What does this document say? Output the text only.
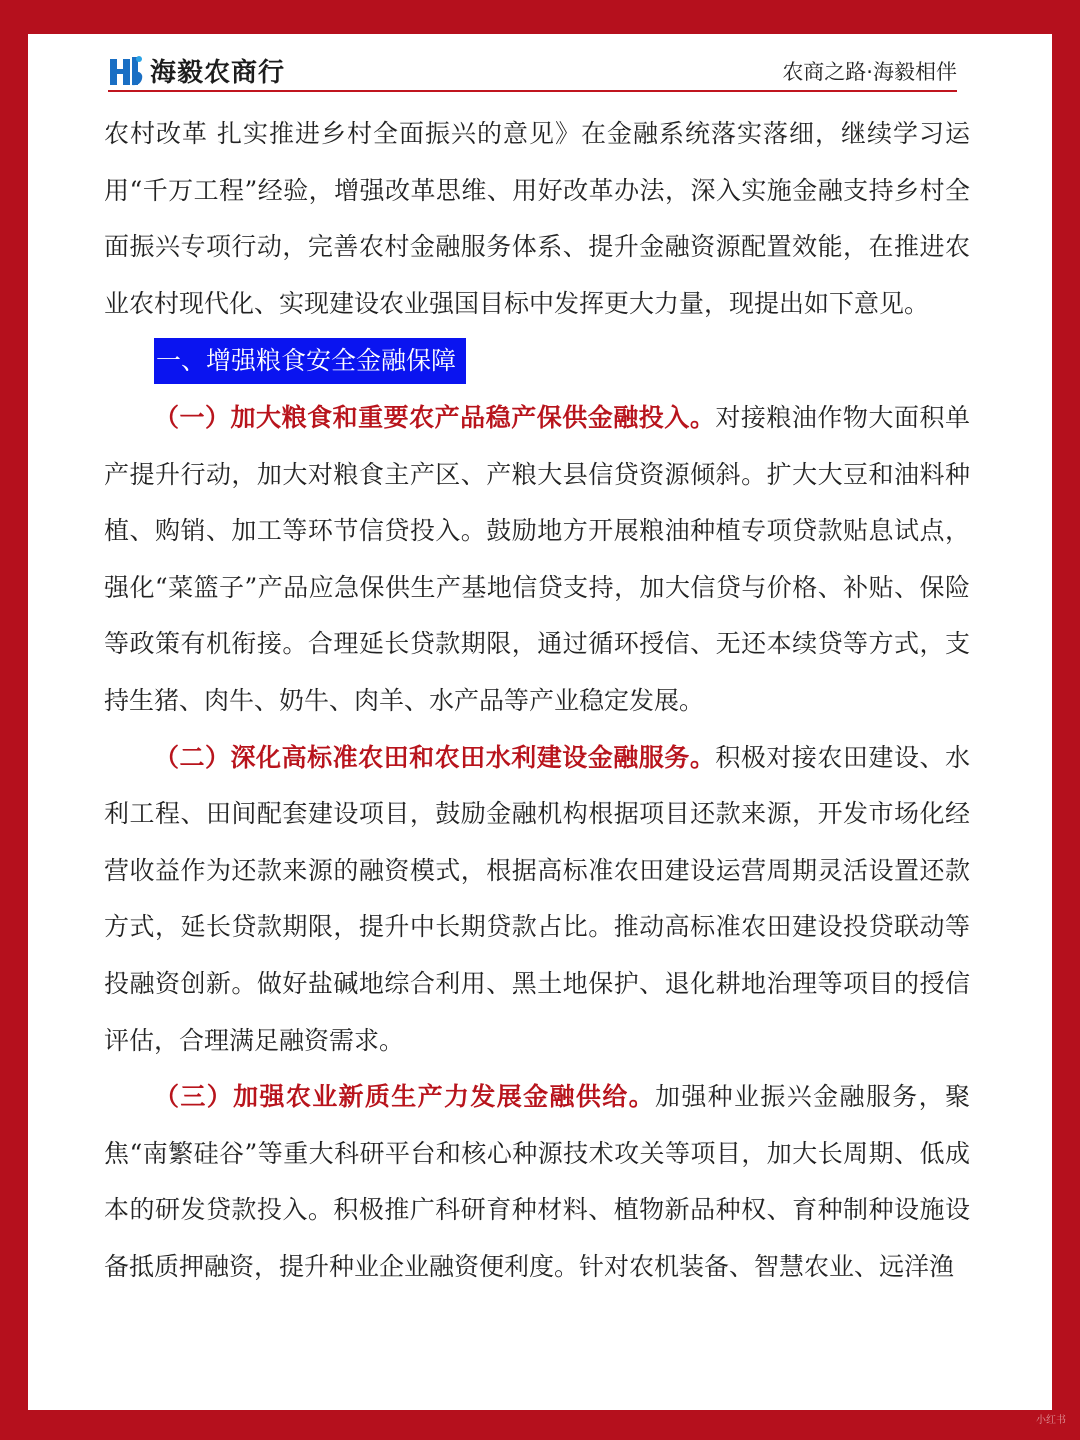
海毅农商行	农商之路·海毅相伴

农村改革 扎实推进乡村全面振兴的意见》在金融系统落实落细，继续学习运用“千万工程”经验，增强改革思维、用好改革办法，深入实施金融支持乡村全面振兴专项行动，完善农村金融服务体系、提升金融资源配置效能，在推进农业农村现代化、实现建设农业强国目标中发挥更大力量，现提出如下意见。

一、增强粮食安全金融保障

（一）加大粮食和重要农产品稳产保供金融投入。对接粮油作物大面积单产提升行动，加大对粮食主产区、产粮大县信贷资源倾斜。扩大大豆和油料种植、购销、加工等环节信贷投入。鼓励地方开展粮油种植专项贷款贴息试点，强化“菜篮子”产品应急保供生产基地信贷支持，加大信贷与价格、补贴、保险等政策有机衔接。合理延长贷款期限，通过循环授信、无还本续贷等方式，支持生猪、肉牛、奶牛、肉羊、水产品等产业稳定发展。

（二）深化高标准农田和农田水利建设金融服务。积极对接农田建设、水利工程、田间配套建设项目，鼓励金融机构根据项目还款来源，开发市场化经营收益作为还款来源的融资模式，根据高标准农田建设运营周期灵活设置还款方式，延长贷款期限，提升中长期贷款占比。推动高标准农田建设投贷联动等投融资创新。做好盐碱地综合利用、黑土地保护、退化耕地治理等项目的授信评估，合理满足融资需求。

（三）加强农业新质生产力发展金融供给。加强种业振兴金融服务，聚焦“南繁硅谷”等重大科研平台和核心种源技术攻关等项目，加大长周期、低成本的研发贷款投入。积极推广科研育种材料、植物新品种权、育种制种设施设备抵质押融资，提升种业企业融资便利度。针对农机装备、智慧农业、远洋渔

小红书
